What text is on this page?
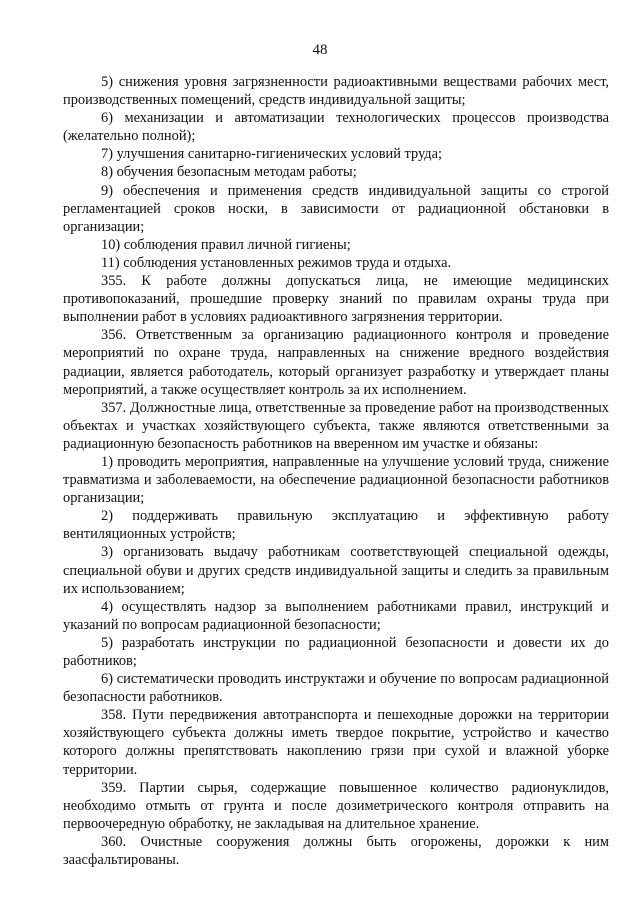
48

5) снижения уровня загрязненности радиоактивными веществами рабочих мест, производственных помещений, средств индивидуальной защиты;

6) механизации и автоматизации технологических процессов производства (желательно полной);

7) улучшения санитарно-гигиенических условий труда;

8) обучения безопасным методам работы;

9) обеспечения и применения средств индивидуальной защиты со строгой регламентацией сроков носки, в зависимости от радиационной обстановки в организации;

10) соблюдения правил личной гигиены;

11) соблюдения установленных режимов труда и отдыха.

355. К работе должны допускаться лица, не имеющие медицинских противопоказаний, прошедшие проверку знаний по правилам охраны труда при выполнении работ в условиях радиоактивного загрязнения территории.

356. Ответственным за организацию радиационного контроля и проведение мероприятий по охране труда, направленных на снижение вредного воздействия радиации, является работодатель, который организует разработку и утверждает планы мероприятий, а также осуществляет контроль за их исполнением.

357. Должностные лица, ответственные за проведение работ на производственных объектах и участках хозяйствующего субъекта, также являются ответственными за радиационную безопасность работников на вверенном им участке и обязаны:

1) проводить мероприятия, направленные на улучшение условий труда, снижение травматизма и заболеваемости, на обеспечение радиационной безопасности работников организации;

2) поддерживать правильную эксплуатацию и эффективную работу вентиляционных устройств;

3) организовать выдачу работникам соответствующей специальной одежды, специальной обуви и других средств индивидуальной защиты и следить за правильным их использованием;

4) осуществлять надзор за выполнением работниками правил, инструкций и указаний по вопросам радиационной безопасности;

5) разработать инструкции по радиационной безопасности и довести их до работников;

6) систематически проводить инструктажи и обучение по вопросам радиационной безопасности работников.

358. Пути передвижения автотранспорта и пешеходные дорожки на территории хозяйствующего субъекта должны иметь твердое покрытие, устройство и качество которого должны препятствовать накоплению грязи при сухой и влажной уборке территории.

359. Партии сырья, содержащие повышенное количество радионуклидов, необходимо отмыть от грунта и после дозиметрического контроля отправить на первоочередную обработку, не закладывая на длительное хранение.

360. Очистные сооружения должны быть огорожены, дорожки к ним заасфальтированы.
